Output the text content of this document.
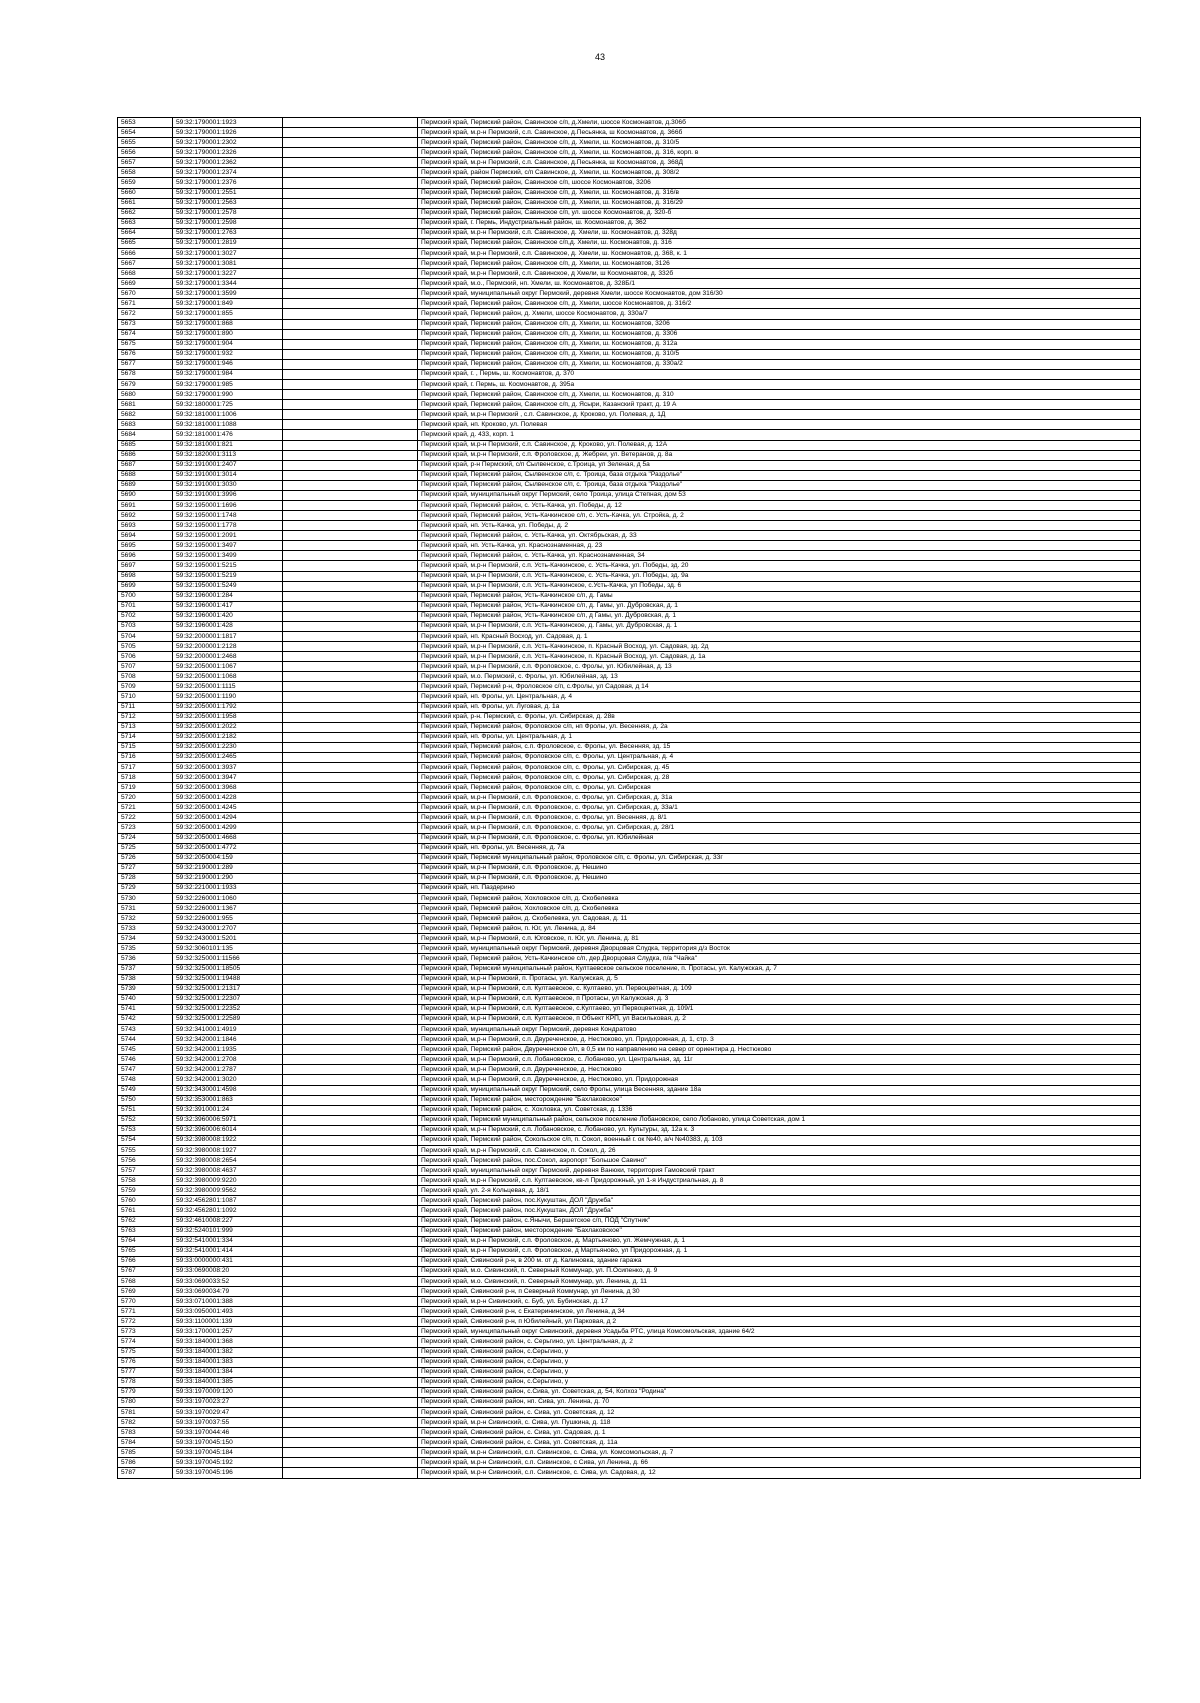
43
5653	59:32:1790001:1923		Пермский край, Пермский район, Савинское с/п, д.Хмели, шоссе Космонавтов, д.306б
5654	59:32:1790001:1926		Пермский край, м.р-н Пермский, с.п. Савинское, д.Песьянка, ш Космонавтов, д. 366б
5655	59:32:1790001:2302		Пермский край, Пермский район, Савинское с/п, д. Хмели, ш. Космонавтов, д. 310/5
5656	59:32:1790001:2326		Пермский край, Пермский район, Савинское с/п, д. Хмели, ш. Космонавтов, д. 316, корп. в
5657	59:32:1790001:2362		Пермский край, м.р-н Пермский, с.п. Савинское, д.Песьянка, ш Космонавтов, д. 368Д
5658	59:32:1790001:2374		Пермский край, район Пермский, с/п Савинское, д. Хмели, ш. Космонавтов, д. 308/2
5659	59:32:1790001:2376		Пермский край, Пермский район, Савинское с/п, шоссе Космонавтов, 3206
5660	59:32:1790001:2551		Пермский край, Пермский район, Савинское с/п, д. Хмели, ш. Космонавтов, д. 316/в
5661	59:32:1790001:2563		Пермский край, Пермский район, Савинское с/п, д. Хмели, ш. Космонавтов, д. 316/29
5662	59:32:1790001:2578		Пермский край, Пермский район, Савинское с/п, ул. шоссе Космонавтов, д. 320-б
5663	59:32:1790001:2598		Пермский край, г. Пермь, Индустриальный район, ш. Космонавтов, д. 362
5664	59:32:1790001:2763		Пермский край, м.р-н Пермский, с.п. Савинское, д. Хмели, ш. Космонавтов, д. 328д
5665	59:32:1790001:2819		Пермский край, Пермский район, Савинское с/п,д. Хмели, ш. Космонавтов, д. 316
5666	59:32:1790001:3027		Пермский край, м.р-н Пермский, с.п. Савинское, д. Хмели, ш. Космонавтов, д. 368, к. 1
5667	59:32:1790001:3081		Пермский край, Пермский район, Савинское с/п, д. Хмели, ш. Космонавтов, 3126
5668	59:32:1790001:3227		Пермский край, м.р-н Пермский, с.п. Савинское, д Хмели, ш Космонавтов, д. 332б
5669	59:32:1790001:3344		Пермский край, м.о., Пермский, нп. Хмели, ш. Космонавтов, д. 328Б/1
5670	59:32:1790001:3599		Пермский край, муниципальный округ Пермский, деревня Хмели, шоссе Космонавтов, дом 316/30
5671	59:32:1790001:849		Пермский край, Пермский район, Савинское с/п, д. Хмели, шоссе Космонавтов, д. 316/2
5672	59:32:1790001:855		Пермский край, Пермский район, д. Хмели, шоссе Космонавтов, д. 330а/7
5673	59:32:1790001:868		Пермский край, Пермский район, Савинское с/п, д. Хмели, ш. Космонавтов, 3206
5674	59:32:1790001:890		Пермский край, Пермский район, Савинское с/п, д. Хмели, ш. Космонавтов, д. 3306
5675	59:32:1790001:904		Пермский край, Пермский район, Савинское с/п, д. Хмели, ш. Космонавтов, д. 312а
5676	59:32:1790001:932		Пермский край, Пермский район, Савинское с/п, д. Хмели, ш. Космонавтов, д. 310/5
5677	59:32:1790001:946		Пермский край, Пермский район, Савинское с/п, д. Хмели, ш. Космонавтов, д. 330а/2
5678	59:32:1790001:984		Пермский край, г. , Пермь, ш. Космонавтов, д. 370
5679	59:32:1790001:985		Пермский край, г. Пермь, ш. Космонавтов, д. 395а
5680	59:32:1790001:990		Пермский край, Пермский район, Савинское с/п, д. Хмели, ш. Космонавтов, д. 310
5681	59:32:1800001:725		Пермский край, Пермский район, Савинское с/п, д. Ясыри, Казанский тракт, д. 19 А
5682	59:32:1810001:1006		Пермский край, м.р-н Пермский , с.п. Савинское, д. Кроково, ул. Полевая, д. 1Д
5683	59:32:1810001:1088		Пермский край, нп. Кроково, ул. Полевая
5684	59:32:1810001:476		Пермский край, д. 433, корп. 1
5685	59:32:1810001:821		Пермский край, м.р-н Пермский, с.п. Савинское, д. Кроково, ул. Полевая, д. 12А
5686	59:32:1820001:3113		Пермский край, м.р-н Пермский, с.п. Фроловское, д. Жебреи, ул. Ветеранов, д. 8а
5687	59:32:1910001:2407		Пермский край, р-н Пермский, с/п Сылвенское, с.Троица, ул Зеленая, д 5а
5688	59:32:1910001:3014		Пермский край, Пермский район, Сылвенское с/п, с. Троица, база отдыха "Раздолье"
5689	59:32:1910001:3030		Пермский край, Пермский район, Сылвенское с/п, с. Троица, база отдыха "Раздолье"
5690	59:32:1910001:3996		Пермский край, муниципальный округ Пермский, село Троица, улица Степная, дом 53
5691	59:32:1950001:1696		Пермский край, Пермский район, с. Усть-Качка, ул. Победы, д. 12
5692	59:32:1950001:1748		Пермский край, Пермский район, Усть-Качкинское с/п, с. Усть-Качка, ул. Стройка, д. 2
5693	59:32:1950001:1778		Пермский край, нп. Усть-Качка, ул. Победы, д. 2
5694	59:32:1950001:2091		Пермский край, Пермский район, с. Усть-Качка, ул. Октябрьская, д. 33
5695	59:32:1950001:3497		Пермский край, нп. Усть-Качка, ул. Краснознаменная, д. 23
5696	59:32:1950001:3499		Пермский край, Пермский район, с. Усть-Качка, ул. Краснознаменная, 34
5697	59:32:1950001:5215		Пермский край, м.р-н Пермский, с.п. Усть-Качкинское, с. Усть-Качка, ул. Победы, зд. 20
5698	59:32:1950001:5219		Пермский край, м.р-н Пермский, с.п. Усть-Качкинское, с. Усть-Качка, ул. Победы, зд. 9а
5699	59:32:1950001:5249		Пермский край, м.р-н Пермский, с.п. Усть-Качкинское, с.Усть-Качка, ул Победы, зд. 6
5700	59:32:1960001:284		Пермский край, Пермский район, Усть-Качкинское с/п, д. Гамы
5701	59:32:1960001:417		Пермский край, Пермский район, Усть-Качкинское с/п, д. Гамы, ул. Дубровская, д. 1
5702	59:32:1960001:420		Пермский край, Пермский район, Усть-Качкинское с/п, д Гамы, ул. Дубровская, д. 1
5703	59:32:1960001:428		Пермский край, м.р-н Пермский, с.п. Усть-Качкинское, д. Гамы, ул. Дубровская, д. 1
5704	59:32:2000001:1817		Пермский край, нп. Красный Восход, ул. Садовая, д. 1
5705	59:32:2000001:2128		Пермский край, м.р-н Пермский, с.п. Усть-Качкинское, п. Красный Восход, ул. Садовая, зд. 2д
5706	59:32:2000001:2468		Пермский край, м.р-н Пермский, с.п. Усть-Качкинское, п. Красный Восход, ул. Садовая, д. 1а
5707	59:32:2050001:1067		Пермский край, м.р-н Пермский, с.п. Фроловское, с. Фролы, ул. Юбилейная, д. 13
5708	59:32:2050001:1068		Пермский край, м.о. Пермский, с. Фролы, ул. Юбилейная, зд. 13
5709	59:32:2050001:1115		Пермский край, Пермский р-н, Фроловское с/п, с.Фролы, ул Садовая, д 14
5710	59:32:2050001:1190		Пермский край, нп. Фролы, ул. Центральная, д. 4
5711	59:32:2050001:1792		Пермский край, нп. Фролы, ул. Луговая, д. 1а
5712	59:32:2050001:1958		Пермский край, р-н. Пермский, с. Фролы, ул. Сибирская, д. 28в
5713	59:32:2050001:2022		Пермский край, Пермский район, Фроловское с/п, нп Фролы, ул. Весенняя, д. 2а
5714	59:32:2050001:2182		Пермский край, нп. Фролы, ул. Центральная, д. 1
5715	59:32:2050001:2230		Пермский край, Пермский район, с.п. Фроловское, с. Фролы, ул. Весенняя, зд. 15
5716	59:32:2050001:2465		Пермский край, Пермский район, Фроловское с/п, с. Фролы, ул. Центральная, д. 4
5717	59:32:2050001:3937		Пермский край, Пермский район, Фроловское с/п, с. Фролы, ул. Сибирская, д. 45
5718	59:32:2050001:3947		Пермский край, Пермский район, Фроловское с/п, с. Фролы, ул. Сибирская, д. 28
5719	59:32:2050001:3968		Пермский край, Пермский район, Фроловское с/п, с. Фролы, ул. Сибирская
5720	59:32:2050001:4228		Пермский край, м.р-н Пермский, с.п. Фроловское, с. Фролы, ул. Сибирская, д. 31а
5721	59:32:2050001:4245		Пермский край, м.р-н Пермский, с.п. Фроловское, с. Фролы, ул. Сибирская, д. 33а/1
5722	59:32:2050001:4294		Пермский край, м.р-н Пермский, с.п. Фроловское, с. Фролы, ул. Весенняя, д. 8/1
5723	59:32:2050001:4299		Пермский край, м.р-н Пермский, с.п. Фроловское, с. Фролы, ул. Сибирская, д. 28/1
5724	59:32:2050001:4668		Пермский край, м.р-н Пермский, с.п. Фроловское, с. Фролы, ул. Юбилейная
5725	59:32:2050001:4772		Пермский край, нп. Фролы, ул. Весенняя, д. 7а
5726	59:32:2050004:159		Пермский край, Пермский муниципальный район, Фроловское с/п, с. Фролы, ул. Сибирская, д. 33г
5727	59:32:2190001:289		Пермский край, м.р-н Пермский, с.п. Фроловское, д. Нешино
5728	59:32:2190001:290		Пермский край, м.р-н Пермский, с.п. Фроловское, д. Нешино
5729	59:32:2210001:1933		Пермский край, нп. Паздерино
5730	59:32:2260001:1060		Пермский край, Пермский район, Хохловское с/п, д. Скобелевка
5731	59:32:2260001:1367		Пермский край, Пермский район, Хохловское с/п, д. Скобелевка
5732	59:32:2260001:955		Пермский край, Пермский район, д. Скобелевка, ул. Садовая, д. 11
5733	59:32:2430001:2707		Пермский край, Пермский район, п. Юг, ул. Ленина, д. 84
5734	59:32:2430001:5201		Пермский край, м.р-н Пермский, с.п. Юговское, п. Юг, ул. Ленина, д. 81
5735	59:32:3060101:135		Пермский край, муниципальный округ Пермский, деревня Дворцовая Слудка, территория д/з Восток
5736	59:32:3250001:11566		Пермский край, Пермский район, Усть-Качкинское с/п, дер.Дворцовая Слудка, п/а "Чайка"
5737	59:32:3250001:18505		Пермский край, Пермский муниципальный район, Култаевское сельское поселение, п. Протасы, ул. Калужская, д. 7
5738	59:32:3250001:19488		Пермский край, м.р-н Пермский, п. Протасы, ул. Калужская, д. 5
5739	59:32:3250001:21317		Пермский край, м.р-н Пермский, с.п. Култаевское, с. Култаево, ул. Первоцветная, д. 109
5740	59:32:3250001:22307		Пермский край, м.р-н Пермский, с.п. Култаевское, п Протасы, ул Калужская, д. 3
5741	59:32:3250001:22352		Пермский край, м.р-н Пермский, с.п. Култаевское, с.Култаево, ул Первоцветная, д. 109/1
5742	59:32:3250001:22589		Пермский край, м.р-н Пермский, с.п. Култаевское, п Объект КРП, ул Васильковая, д. 2
5743	59:32:3410001:4919		Пермский край, муниципальный округ Пермский, деревня Кондратово
5744	59:32:3420001:1846		Пермский край, м.р-н Пермский, с.п. Двуреченское, д. Нестюково, ул. Придорожная, д. 1, стр. 3
5745	59:32:3420001:1935		Пермский край, Пермский район, Двуреченское с/п, в 0,5 км по направлению на север от ориентира д. Нестюково
5746	59:32:3420001:2708		Пермский край, м.р-н Пермский, с.п. Лобановское, с. Лобаново, ул. Центральная, зд. 11г
5747	59:32:3420001:2787		Пермский край, м.р-н Пермский, с.п. Двуреченское, д. Нестюково
5748	59:32:3420001:3020		Пермский край, м.р-н Пермский, с.п. Двуреченское, д. Нестюково, ул. Придорожная
5749	59:32:3430001:4598		Пермский край, муниципальный округ Пермский, село Фролы, улица Весенняя, здание 18а
5750	59:32:3530001:863		Пермский край, Пермский район, месторождение "Бахлаковское"
5751	59:32:3910001:24		Пермский край, Пермский район, с. Хохловка, ул. Советская, д. 1336
5752	59:32:3960006:5971		Пермский край, Пермский муниципальный район, сельское поселение Лобановское, село Лобаново, улица Советская, дом 1
5753	59:32:3960006:6014		Пермский край, м.р-н Пермский, с.п. Лобановское, с. Лобаново, ул. Культуры, зд. 12а к. 3
5754	59:32:3980008:1922		Пермский край, Пермский район, Сокольское с/п, п. Сокол, военный г. ок №40, а/ч №40383, д. 103
5755	59:32:3980008:1927		Пермский край, м.р-н Пермский, с.п. Савинское, п. Сокол, д. 26
5756	59:32:3980008:2654		Пермский край, Пермский район, пос.Сокол, аэропорт "Большое Савино"
5757	59:32:3980008:4637		Пермский край, муниципальный округ Пермский, деревня Ванюки, территория Гамовский тракт
5758	59:32:3980009:9220		Пермский край, м.р-н Пермский, с.п. Култаевское, кв-л Придорожный, ул 1-я Индустриальная, д. 8
5759	59:32:3980009:9562		Пермский край, ул. 2-я Кольцевая, д. 18/1
5760	59:32:4562801:1087		Пермский край, Пермский район, пос.Кукуштан, ДОЛ "Дружба"
5761	59:32:4562801:1092		Пермский край, Пермский район, пос.Кукуштан, ДОЛ "Дружба"
5762	59:32:4610008:227		Пермский край, Пермский район, с.Янычи, Бершетское с/п, ПОД "Спутник"
5763	59:32:5240101:999		Пермский край, Пермский район, месторождение "Бахлаковское"
5764	59:32:5410001:334		Пермский край, м.р-н Пермский, с.п. Фроловское, д. Мартьяново, ул. Жемчужная, д. 1
5765	59:32:5410001:414		Пермский край, м.р-н Пермский, с.п. Фроловское, д Мартьяново, ул Придорожная, д. 1
5766	59:33:0000000:431		Пермский край, Сивинский р-н, в 200 м. от д. Калиновка, здание гаража
5767	59:33:0690008:20		Пермский край, м.о. Сивинский, п. Северный Коммунар, ул. П.Осипенко, д. 9
5768	59:33:0690033:52		Пермский край, м.о. Сивинский, п. Северный Коммунар, ул. Ленина, д. 11
5769	59:33:0690034:79		Пермский край, Сивинский р-н, п Северный Коммунар, ул Ленина, д 30
5770	59:33:0710001:388		Пермский край, м.р-н Сивинский, с. Буб, ул. Бубинская, д. 17
5771	59:33:0950001:493		Пермский край, Сивинский р-н, с Екатерининское, ул Ленина, д 34
5772	59:33:1100001:139		Пермский край, Сивинский р-н, п Юбилейный, ул Парковая, д 2
5773	59:33:1700001:257		Пермский край, муниципальный округ Сивинский, деревня Усадьба РТС, улица Комсомольская, здание 64/2
5774	59:33:1840001:368		Пермский край, Сивинский район, с. Серьгино, ул. Центральная, д. 2
5775	59:33:1840001:382		Пермский край, Сивинский район, с.Серьгино, у
5776	59:33:1840001:383		Пермский край, Сивинский район, с.Серьгино, у
5777	59:33:1840001:384		Пермский край, Сивинский район, с.Серьгино, у
5778	59:33:1840001:385		Пермский край, Сивинский район, с.Серьгино, у
5779	59:33:1970009:120		Пермский край, Сивинский район, с.Сива, ул. Советская, д. 54, Колхоз "Родина"
5780	59:33:1970023:27		Пермский край, Сивинский район, нп. Сива, ул. Ленина, д. 70
5781	59:33:1970029:47		Пермский край, Сивинский район, с. Сива, ул. Советская, д. 12
5782	59:33:1970037:55		Пермский край, м.р-н Сивинский, с. Сива, ул. Пушкина, д. 118
5783	59:33:1970044:46		Пермский край, Сивинский район, с. Сива, ул. Садовая, д. 1
5784	59:33:1970045:150		Пермский край, Сивинский район, с. Сива, ул. Советская, д. 11а
5785	59:33:1970045:184		Пермский край, м.р-н Сивинский, с.п. Сивинское, с. Сива, ул. Комсомольская, д. 7
5786	59:33:1970045:192		Пермский край, м.р-н Сивинский, с.п. Сивинское, с Сива, ул Ленина, д. 66
5787	59:33:1970045:196		Пермский край, м.р-н Сивинский, с.п. Сивинское, с. Сива, ул. Садовая, д. 12
